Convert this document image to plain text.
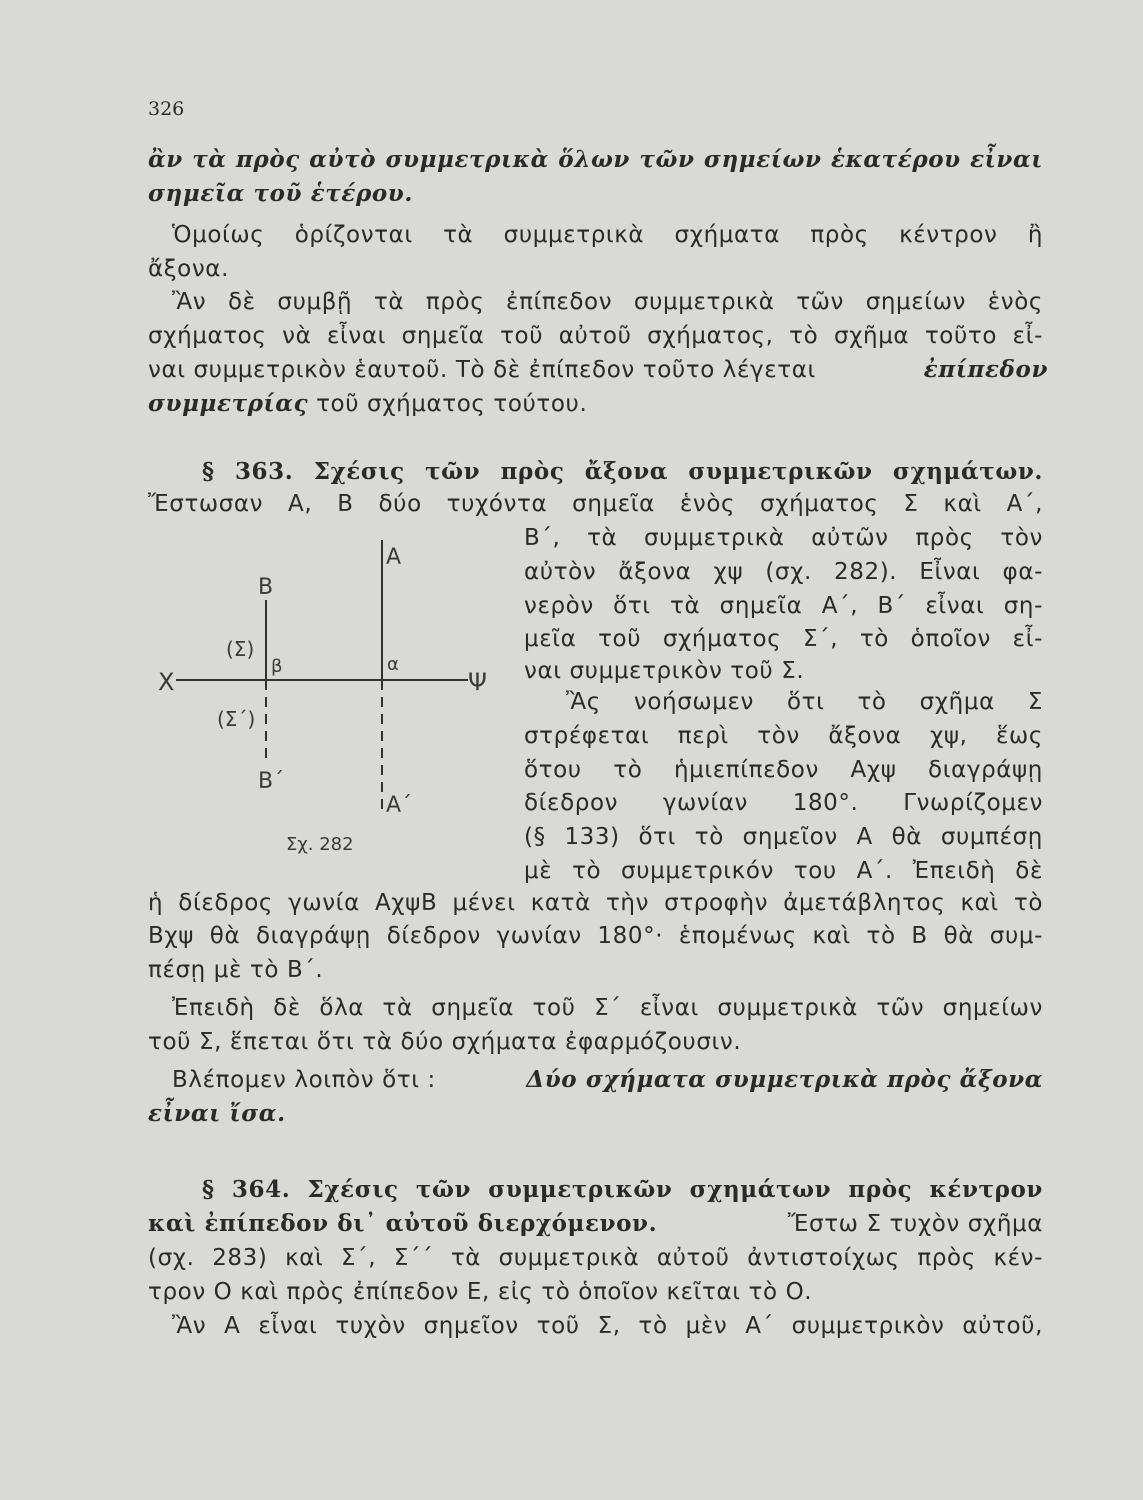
326
ἂν τὰ πρὸς αὐτὸ συμμετρικὰ ὅλων τῶν σημείων ἑκατέρου εἶναι
σημεῖα τοῦ ἑτέρου.
Ὁμοίως ὁρίζονται τὰ συμμετρικὰ σχήματα πρὸς κέντρον ἢ
ἄξονα.
Ἂν δὲ συμβῇ τὰ πρὸς ἐπίπεδον συμμετρικὰ τῶν σημείων ἑνὸς
σχήματος νὰ εἶναι σημεῖα τοῦ αὐτοῦ σχήματος, τὸ σχῆμα τοῦτο εἶ-
ναι συμμετρικὸν ἑαυτοῦ. Τὸ δὲ ἐπίπεδον τοῦτο λέγεται	ἐπίπεδον
συμμετρίας τοῦ σχήματος τούτου.
§ 363. Σχέσις τῶν πρὸς ἄξονα συμμετρικῶν σχημάτων.
Ἔστωσαν Α, Β δύο τυχόντα σημεῖα ἑνὸς σχήματος Σ καὶ Α΄,
Β΄, τὰ συμμετρικὰ αὐτῶν πρὸς τὸν
αὐτὸν ἄξονα χψ (σχ. 282). Εἶναι φα-
νερὸν ὅτι τὰ σημεῖα Α΄, Β΄ εἶναι ση-
μεῖα τοῦ σχήματος Σ΄, τὸ ὁποῖον εἶ-
ναι συμμετρικὸν τοῦ Σ.
Ἂς νοήσωμεν ὅτι τὸ σχῆμα Σ
στρέφεται περὶ τὸν ἄξονα χψ, ἕως
ὅτου τὸ ἡμιεπίπεδον Αχψ διαγράψῃ
δίεδρον γωνίαν 180°. Γνωρίζομεν
(§ 133) ὅτι τὸ σημεῖον Α θὰ συμπέσῃ
μὲ τὸ συμμετρικόν του Α΄. Ἐπειδὴ δὲ
Α
Β
(Σ)
β	α
Χ	Ψ
(Σ΄)
Β΄
Α΄
Σχ. 282
ἡ δίεδρος γωνία ΑχψΒ μένει κατὰ τὴν στροφὴν ἀμετάβλητος καὶ τὸ
Βχψ θὰ διαγράψῃ δίεδρον γωνίαν 180°· ἑπομένως καὶ τὸ Β θὰ συμ-
πέσῃ μὲ τὸ Β΄.
Ἐπειδὴ δὲ ὅλα τὰ σημεῖα τοῦ Σ΄ εἶναι συμμετρικὰ τῶν σημείων
τοῦ Σ, ἕπεται ὅτι τὰ δύο σχήματα ἐφαρμόζουσιν.
Βλέπομεν λοιπὸν ὅτι :	Δύο σχήματα συμμετρικὰ πρὸς ἄξονα
εἶναι ἴσα.
§ 364. Σχέσις τῶν συμμετρικῶν σχημάτων πρὸς κέντρον
καὶ ἐπίπεδον δι᾽ αὐτοῦ διερχόμενον.	Ἔστω Σ τυχὸν σχῆμα
(σχ. 283) καὶ Σ΄, Σ΄΄ τὰ συμμετρικὰ αὐτοῦ ἀντιστοίχως πρὸς κέν-
τρον Ο καὶ πρὸς ἐπίπεδον Ε, εἰς τὸ ὁποῖον κεῖται τὸ Ο.
Ἂν Α εἶναι τυχὸν σημεῖον τοῦ Σ, τὸ μὲν Α΄ συμμετρικὸν αὐτοῦ,
